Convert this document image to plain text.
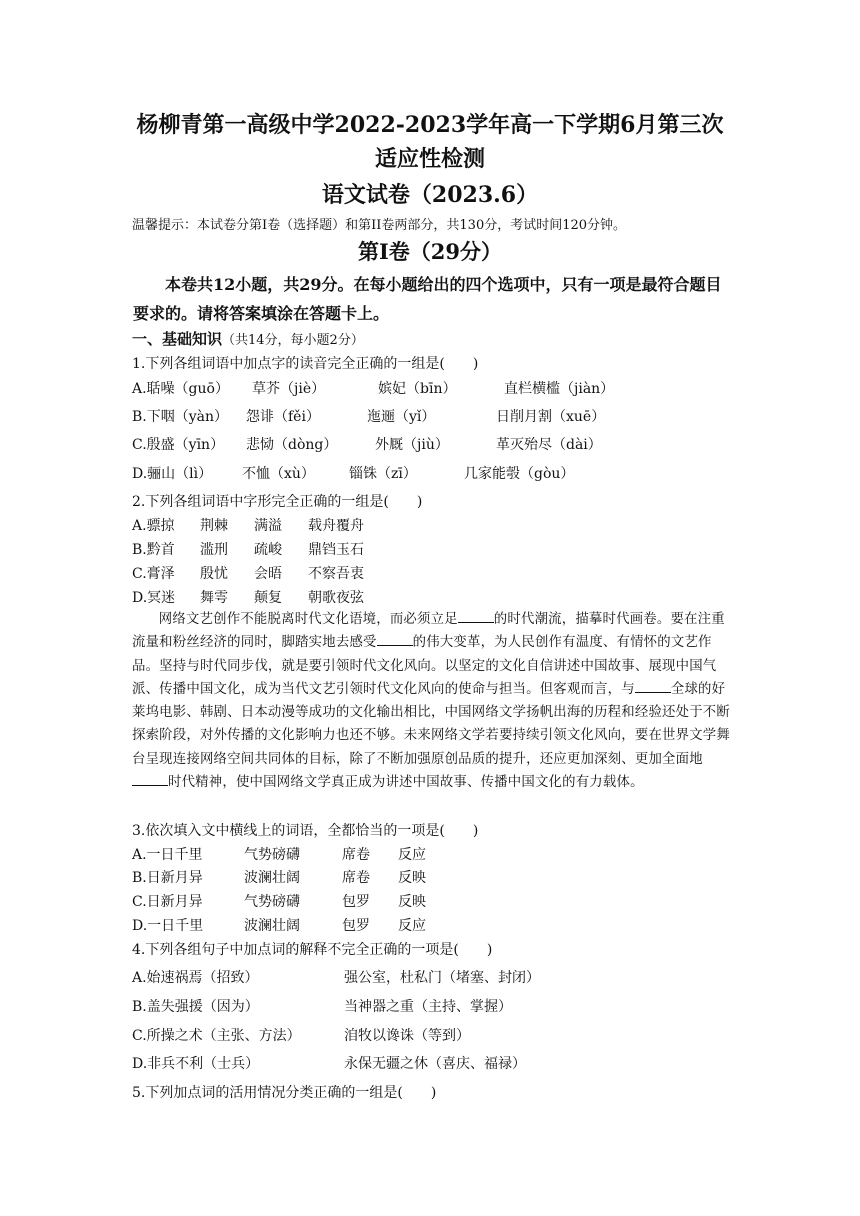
杨柳青第一高级中学2022-2023学年高一下学期6月第三次
适应性检测
语文试卷（2023.6）
温馨提示：本试卷分第Ⅰ卷（选择题）和第II卷两部分，共130分，考试时间120分钟。
第Ⅰ卷（29分）
本卷共12小题，共29分。在每小题给出的四个选项中，只有一项是最符合题目要求的。请将答案填涂在答题卡上。
一、基础知识（共14分，每小题2分）
1.下列各组词语中加点字的读音完全正确的一组是(　　)
A.聒噪（guō） 草芥（jiè）	嫔妃（bīn）	直栏横槛（jiàn）
B.下咽（yàn） 怨诽（fěi）	迤逦（yǐ）	日削月割（xuē）
C.殷盛（yīn） 悲恸（dòng）	外厩（jiù）	革灭殆尽（dài）
D.骊山（lì） 不恤（xù） 锱铢（zī）	几家能彀（gòu）
2.下列各组词语中字形完全正确的一组是(　　)
A.骠掠 荆棘 满溢 载舟覆舟
B.黔首 滥刑 疏峻 鼎铛玉石
C.膏泽 殷忧 会晤 不察吾衷
D.冥迷 舞雩 颠复 朝歌夜弦
网络文艺创作不能脱离时代文化语境，而必须立足	的时代潮流，描摹时代画卷。要在注重流量和粉丝经济的同时，脚踏实地去感受	的伟大变革，为人民创作有温度、有情怀的文艺作品。坚持与时代同步伐，就是要引领时代文化风向。以坚定的文化自信讲述中国故事、展现中国气派、传播中国文化，成为当代文艺引领时代文化风向的使命与担当。但客观而言，与	全球的好莱坞电影、韩剧、日本动漫等成功的文化输出相比，中国网络文学扬帆出海的历程和经验还处于不断探索阶段，对外传播的文化影响力也还不够。未来网络文学若要持续引领文化风向，要在世界文学舞台呈现连接网络空间共同体的目标，除了不断加强原创品质的提升，还应更加深刻、更加全面地时代精神，使中国网络文学真正成为讲述中国故事、传播中国文化的有力载体。
3.依次填入文中横线上的词语，全都恰当的一项是(　　)
A.一日千里	气势磅礴	席卷 反应
B.日新月异	波澜壮阔	席卷 反映
C.日新月异	气势磅礴	包罗 反映
D.一日千里	波澜壮阔	包罗 反应
4.下列各组句子中加点词的解释不完全正确的一项是(　　)
A.始速祸焉（招致）	强公室，杜私门（堵塞、封闭）
B.盖失强援（因为）	当神器之重（主持、掌握）
C.所操之术（主张、方法）	洎牧以谗诛（等到）
D.非兵不利（士兵）	永保无疆之休（喜庆、福禄）
5.下列加点词的活用情况分类正确的一组是(　　)
